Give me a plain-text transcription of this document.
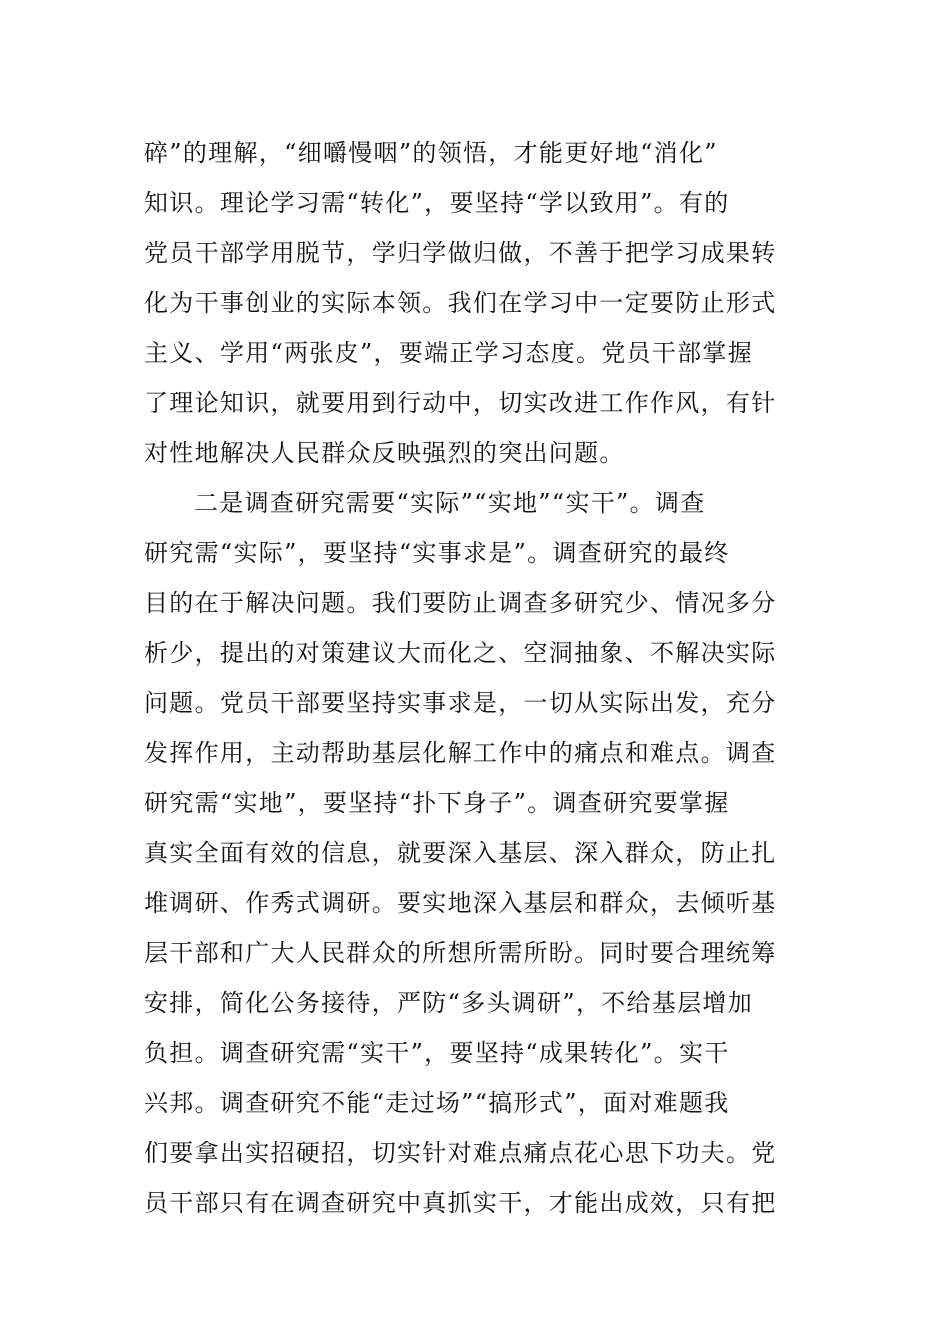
碎”的理解，“细嚼慢咽”的领悟，才能更好地“消化”
知识。理论学习需“转化”，要坚持“学以致用”。有的
党员干部学用脱节，学归学做归做，不善于把学习成果转
化为干事创业的实际本领。我们在学习中一定要防止形式
主义、学用“两张皮”，要端正学习态度。党员干部掌握
了理论知识，就要用到行动中，切实改进工作作风，有针
对性地解决人民群众反映强烈的突出问题。
二是调查研究需要“实际”“实地”“实干”。调查
研究需“实际”，要坚持“实事求是”。调查研究的最终
目的在于解决问题。我们要防止调查多研究少、情况多分
析少，提出的对策建议大而化之、空洞抽象、不解决实际
问题。党员干部要坚持实事求是，一切从实际出发，充分
发挥作用，主动帮助基层化解工作中的痛点和难点。调查
研究需“实地”，要坚持“扑下身子”。调查研究要掌握
真实全面有效的信息，就要深入基层、深入群众，防止扎
堆调研、作秀式调研。要实地深入基层和群众，去倾听基
层干部和广大人民群众的所想所需所盼。同时要合理统筹
安排，简化公务接待，严防“多头调研”，不给基层增加
负担。调查研究需“实干”，要坚持“成果转化”。实干
兴邦。调查研究不能“走过场”“搞形式”，面对难题我
们要拿出实招硬招，切实针对难点痛点花心思下功夫。党
员干部只有在调查研究中真抓实干，才能出成效，只有把
